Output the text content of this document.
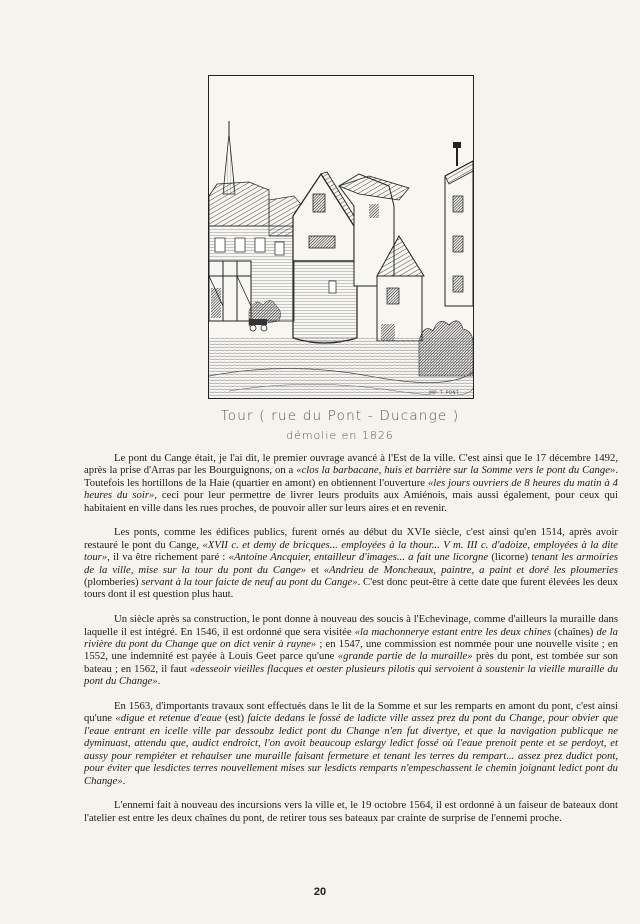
IMP. T. PONT
Tour ( rue du Pont - Ducange )
démolie en 1826

Le pont du Cange était, je l'ai dit, le premier ouvrage avancé à l'Est de la ville. C'est ainsi que le 17 décembre 1492, après la prise d'Arras par les Bourguignons, on a «clos la barbacane, huis et barrière sur la Somme vers le pont du Cange». Toutefois les hortillons de la Haie (quartier en amont) en obtiennent l'ouverture «les jours ouvriers de 8 heures du matin à 4 heures du soir», ceci pour leur permettre de livrer leurs produits aux Amiénois, mais aussi également, pour ceux qui habitaient en ville dans les rues proches, de pouvoir aller sur leurs aires et en revenir.

Les ponts, comme les édifices publics, furent ornés au début du XVIe siècle, c'est ainsi qu'en 1514, après avoir restauré le pont du Cange, «XVII c. et demy de bricques... employées à la thour... V m. III c. d'adoize, employées à la dite tour», il va être richement paré : «Antoine Ancquier, entailleur d'images... a fait une licorgne (licorne) tenant les armoiries de la ville, mise sur la tour du pont du Cange» et «Andrieu de Moncheaux, paintre, a paint et doré les ploumeries (plomberies) servant à la tour faicte de neuf au pont du Cange». C'est donc peut-être à cette date que furent élevées les deux tours dont il est question plus haut.

Un siècle après sa construction, le pont donne à nouveau des soucis à l'Echevinage, comme d'ailleurs la muraille dans laquelle il est intégré. En 1546, il est ordonné que sera visitée «la machonnerye estant entre les deux chines (chaînes) de la rivière du pont du Change que on dict venir à ruyne» ; en 1547, une commission est nommée pour une nouvelle visite ; en 1552, une indemnité est payée à Louis Geet parce qu'une «grande partie de la muraille» près du pont, est tombée sur son bateau ; en 1562, il faut «desseoir vieilles flacques et oester plusieurs pilotis qui servoient à soustenir la vieille muraille du pont du Change».

En 1563, d'importants travaux sont effectués dans le lit de la Somme et sur les remparts en amont du pont, c'est ainsi qu'une «digue et retenue d'eaue (est) faicte dedans le fossé de ladicte ville assez prez du pont du Change, pour obvier que l'eaue entrant en icelle ville par dessoubz ledict pont du Change n'en fut divertye, et que la navigation publicque ne dyminuast, attendu que, audict endroict, l'on avoit beaucoup eslargy ledict fossé où l'eaue prenoit pente et se perdoyt, et aussy pour rempiéter et rehaulser une muraille faisant fermeture et tenant les terres du rempart... assez prez dudict pont, pour éviter que lesdictes terres nouvellement mises sur lesdicts remparts n'empeschassent le chemin joignant ledict pont du Change».

L'ennemi fait à nouveau des incursions vers la ville et, le 19 octobre 1564, il est ordonné à un faiseur de bateaux dont l'atelier est entre les deux chaînes du pont, de retirer tous ses bateaux par crainte de surprise de l'ennemi proche.

20
